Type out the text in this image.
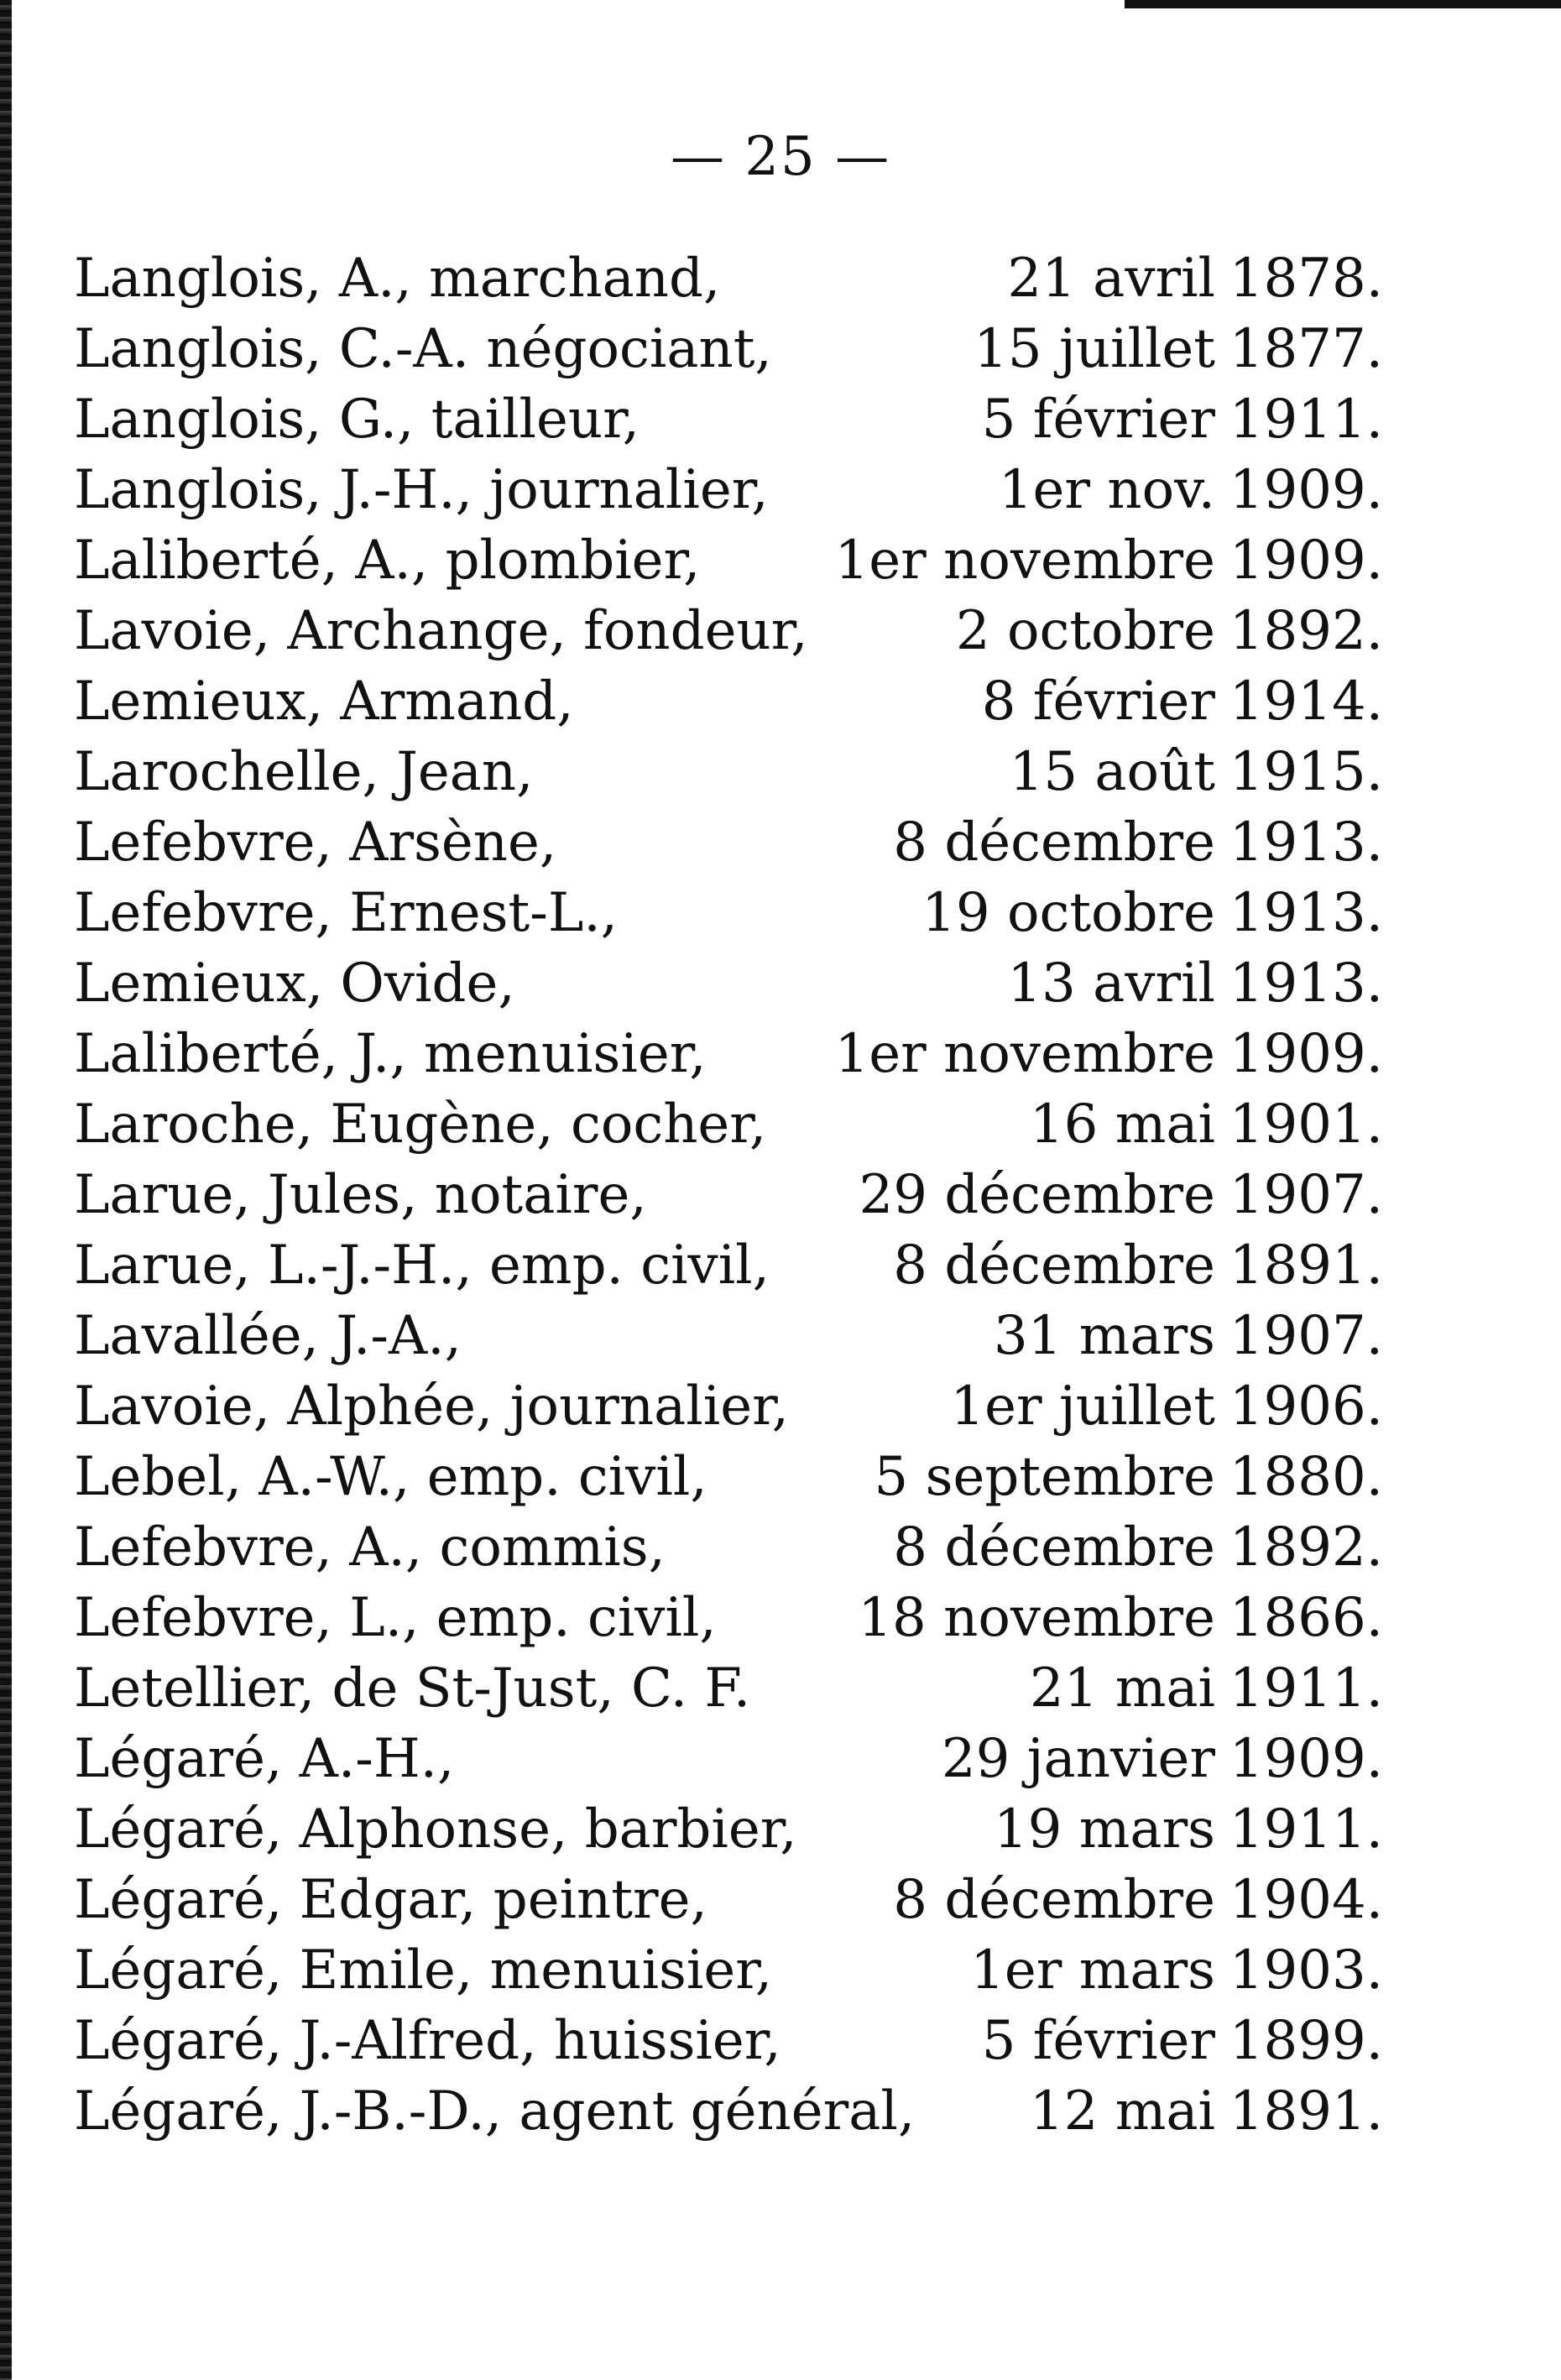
— 25 —
Langlois, A., marchand,	21 avril 1878.
Langlois, C.-A. négociant,	15 juillet 1877.
Langlois, G., tailleur,	5 février 1911.
Langlois, J.-H., journalier,	1er nov. 1909.
Laliberté, A., plombier,	1er novembre 1909.
Lavoie, Archange, fondeur,	2 octobre 1892.
Lemieux, Armand,	8 février 1914.
Larochelle, Jean,	15 août 1915.
Lefebvre, Arsène,	8 décembre 1913.
Lefebvre, Ernest-L.,	19 octobre 1913.
Lemieux, Ovide,	13 avril 1913.
Laliberté, J., menuisier, 1er novembre 1909.
Laroche, Eugène, cocher,	16 mai 1901.
Larue, Jules, notaire,	29 décembre 1907.
Larue, L.-J.-H., emp. civil, 8 décembre 1891.
Lavallée, J.-A.,	31 mars 1907.
Lavoie, Alphée, journalier,	1er juillet 1906.
Lebel, A.-W., emp. civil,	5 septembre 1880.
Lefebvre, A., commis,	8 décembre 1892.
Lefebvre, L., emp. civil,	18 novembre 1866.
Letellier, de St-Just, C. F.	21 mai 1911.
Légaré, A.-H.,	29 janvier 1909.
Légaré, Alphonse, barbier,	19 mars 1911.
Légaré, Edgar, peintre,	8 décembre 1904.
Légaré, Emile, menuisier,	1er mars 1903.
Légaré, J.-Alfred, huissier,	5 février 1899.
Légaré, J.-B.-D., agent général, 12 mai 1891.
